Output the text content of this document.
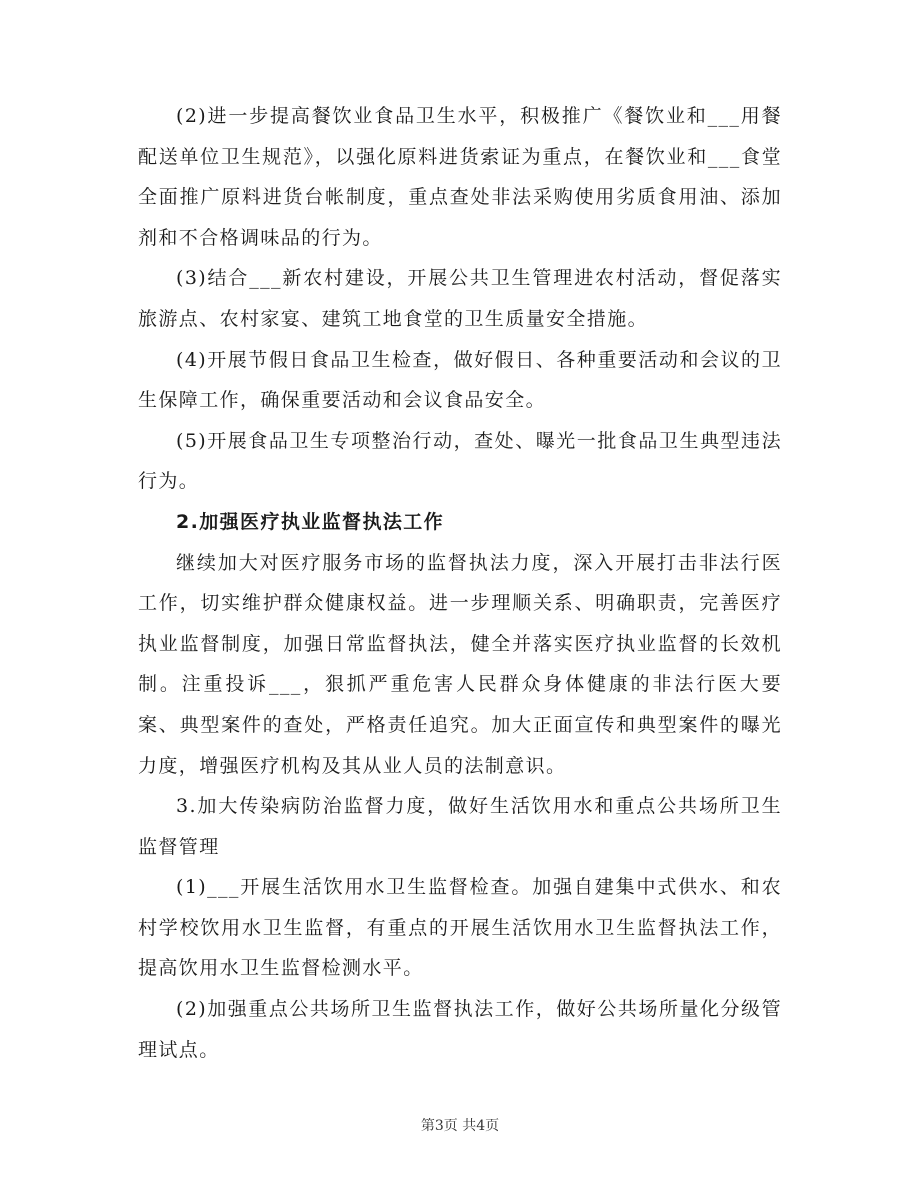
(2)进一步提高餐饮业食品卫生水平，积极推广《餐饮业和___用餐配送单位卫生规范》，以强化原料进货索证为重点，在餐饮业和___食堂全面推广原料进货台帐制度，重点查处非法采购使用劣质食用油、添加剂和不合格调味品的行为。

(3)结合___新农村建设，开展公共卫生管理进农村活动，督促落实旅游点、农村家宴、建筑工地食堂的卫生质量安全措施。

(4)开展节假日食品卫生检查，做好假日、各种重要活动和会议的卫生保障工作，确保重要活动和会议食品安全。

(5)开展食品卫生专项整治行动，查处、曝光一批食品卫生典型违法行为。

2.加强医疗执业监督执法工作

继续加大对医疗服务市场的监督执法力度，深入开展打击非法行医工作，切实维护群众健康权益。进一步理顺关系、明确职责，完善医疗执业监督制度，加强日常监督执法，健全并落实医疗执业监督的长效机制。注重投诉___，狠抓严重危害人民群众身体健康的非法行医大要案、典型案件的查处，严格责任追究。加大正面宣传和典型案件的曝光力度，增强医疗机构及其从业人员的法制意识。

3.加大传染病防治监督力度，做好生活饮用水和重点公共场所卫生监督管理

(1)___开展生活饮用水卫生监督检查。加强自建集中式供水、和农村学校饮用水卫生监督，有重点的开展生活饮用水卫生监督执法工作，提高饮用水卫生监督检测水平。

(2)加强重点公共场所卫生监督执法工作，做好公共场所量化分级管理试点。

第3页 共4页
